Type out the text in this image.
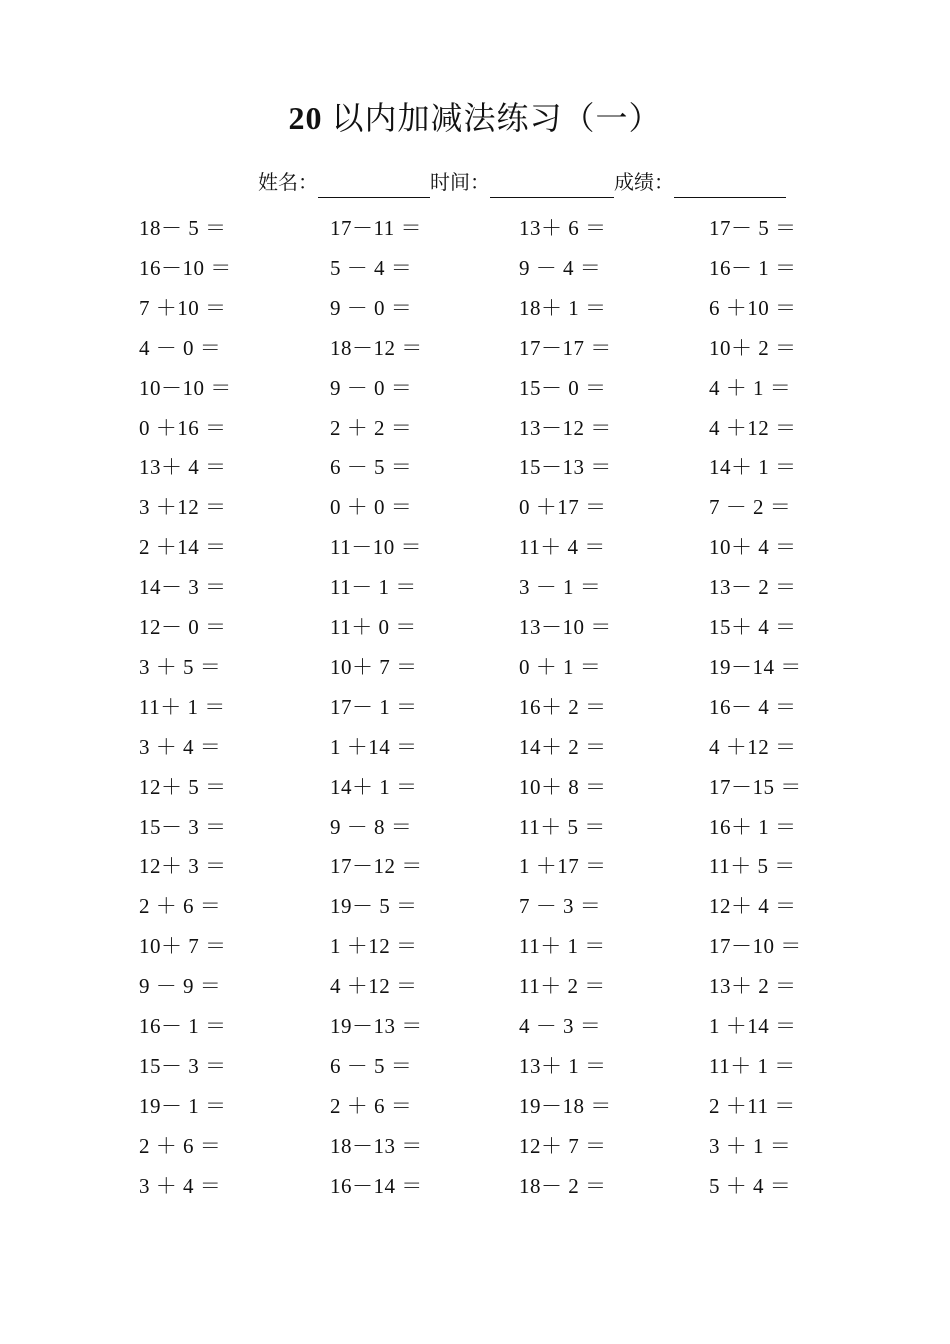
20 以内加减法练习（一）
姓名：	时间：	成绩：
18－ 5 ＝
16－10 ＝
7 ＋10 ＝
4 － 0 ＝
10－10 ＝
0 ＋16 ＝
13＋ 4 ＝
3 ＋12 ＝
2 ＋14 ＝
14－ 3 ＝
12－ 0 ＝
3 ＋ 5 ＝
11＋ 1 ＝
3 ＋ 4 ＝
12＋ 5 ＝
15－ 3 ＝
12＋ 3 ＝
2 ＋ 6 ＝
10＋ 7 ＝
9 － 9 ＝
16－ 1 ＝
15－ 3 ＝
19－ 1 ＝
2 ＋ 6 ＝
3 ＋ 4 ＝
17－11 ＝
5 － 4 ＝
9 － 0 ＝
18－12 ＝
9 － 0 ＝
2 ＋ 2 ＝
6 － 5 ＝
0 ＋ 0 ＝
11－10 ＝
11－ 1 ＝
11＋ 0 ＝
10＋ 7 ＝
17－ 1 ＝
1 ＋14 ＝
14＋ 1 ＝
9 － 8 ＝
17－12 ＝
19－ 5 ＝
1 ＋12 ＝
4 ＋12 ＝
19－13 ＝
6 － 5 ＝
2 ＋ 6 ＝
18－13 ＝
16－14 ＝
13＋ 6 ＝
9 － 4 ＝
18＋ 1 ＝
17－17 ＝
15－ 0 ＝
13－12 ＝
15－13 ＝
0 ＋17 ＝
11＋ 4 ＝
3 － 1 ＝
13－10 ＝
0 ＋ 1 ＝
16＋ 2 ＝
14＋ 2 ＝
10＋ 8 ＝
11＋ 5 ＝
1 ＋17 ＝
7 － 3 ＝
11＋ 1 ＝
11＋ 2 ＝
4 － 3 ＝
13＋ 1 ＝
19－18 ＝
12＋ 7 ＝
18－ 2 ＝
17－ 5 ＝
16－ 1 ＝
6 ＋10 ＝
10＋ 2 ＝
4 ＋ 1 ＝
4 ＋12 ＝
14＋ 1 ＝
7 － 2 ＝
10＋ 4 ＝
13－ 2 ＝
15＋ 4 ＝
19－14 ＝
16－ 4 ＝
4 ＋12 ＝
17－15 ＝
16＋ 1 ＝
11＋ 5 ＝
12＋ 4 ＝
17－10 ＝
13＋ 2 ＝
1 ＋14 ＝
11＋ 1 ＝
2 ＋11 ＝
3 ＋ 1 ＝
5 ＋ 4 ＝
